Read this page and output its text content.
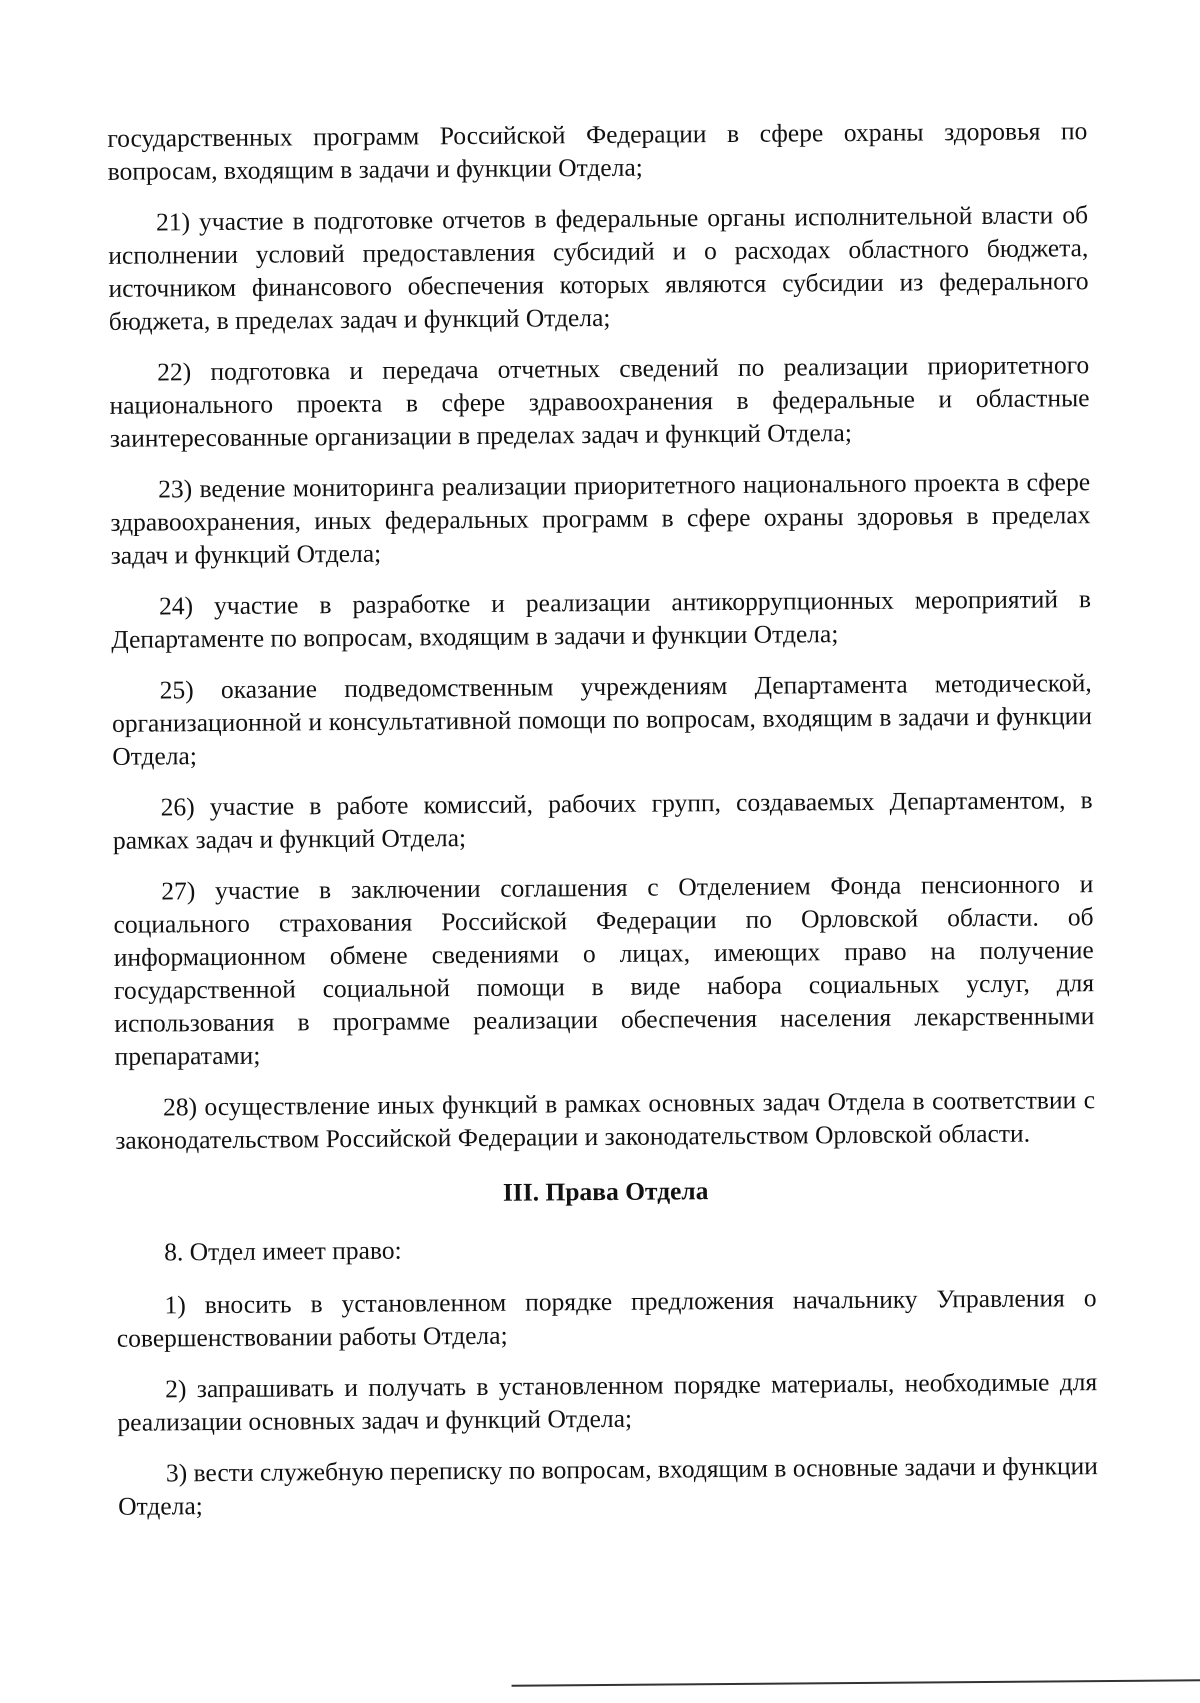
государственных программ Российской Федерации в сфере охраны здоровья по вопросам, входящим в задачи и функции Отдела;

21) участие в подготовке отчетов в федеральные органы исполнительной власти об исполнении условий предоставления субсидий и о расходах областного бюджета, источником финансового обеспечения которых являются субсидии из федерального бюджета, в пределах задач и функций Отдела;

22) подготовка и передача отчетных сведений по реализации приоритетного национального проекта в сфере здравоохранения в федеральные и областные заинтересованные организации в пределах задач и функций Отдела;

23) ведение мониторинга реализации приоритетного национального проекта в сфере здравоохранения, иных федеральных программ в сфере охраны здоровья в пределах задач и функций Отдела;

24) участие в разработке и реализации антикоррупционных мероприятий в Департаменте по вопросам, входящим в задачи и функции Отдела;

25) оказание подведомственным учреждениям Департамента методической, организационной и консультативной помощи по вопросам, входящим в задачи и функции Отдела;

26) участие в работе комиссий, рабочих групп, создаваемых Департаментом, в рамках задач и функций Отдела;

27) участие в заключении соглашения с Отделением Фонда пенсионного и социального страхования Российской Федерации по Орловской области. об информационном обмене сведениями о лицах, имеющих право на получение государственной социальной помощи в виде набора социальных услуг, для использования в программе реализации обеспечения населения лекарственными препаратами;

28) осуществление иных функций в рамках основных задач Отдела в соответствии с законодательством Российской Федерации и законодательством Орловской области.

III. Права Отдела

8. Отдел имеет право:

1) вносить в установленном порядке предложения начальнику Управления о совершенствовании работы Отдела;

2) запрашивать и получать в установленном порядке материалы, необходимые для реализации основных задач и функций Отдела;

3) вести служебную переписку по вопросам, входящим в основные задачи и функции Отдела;
